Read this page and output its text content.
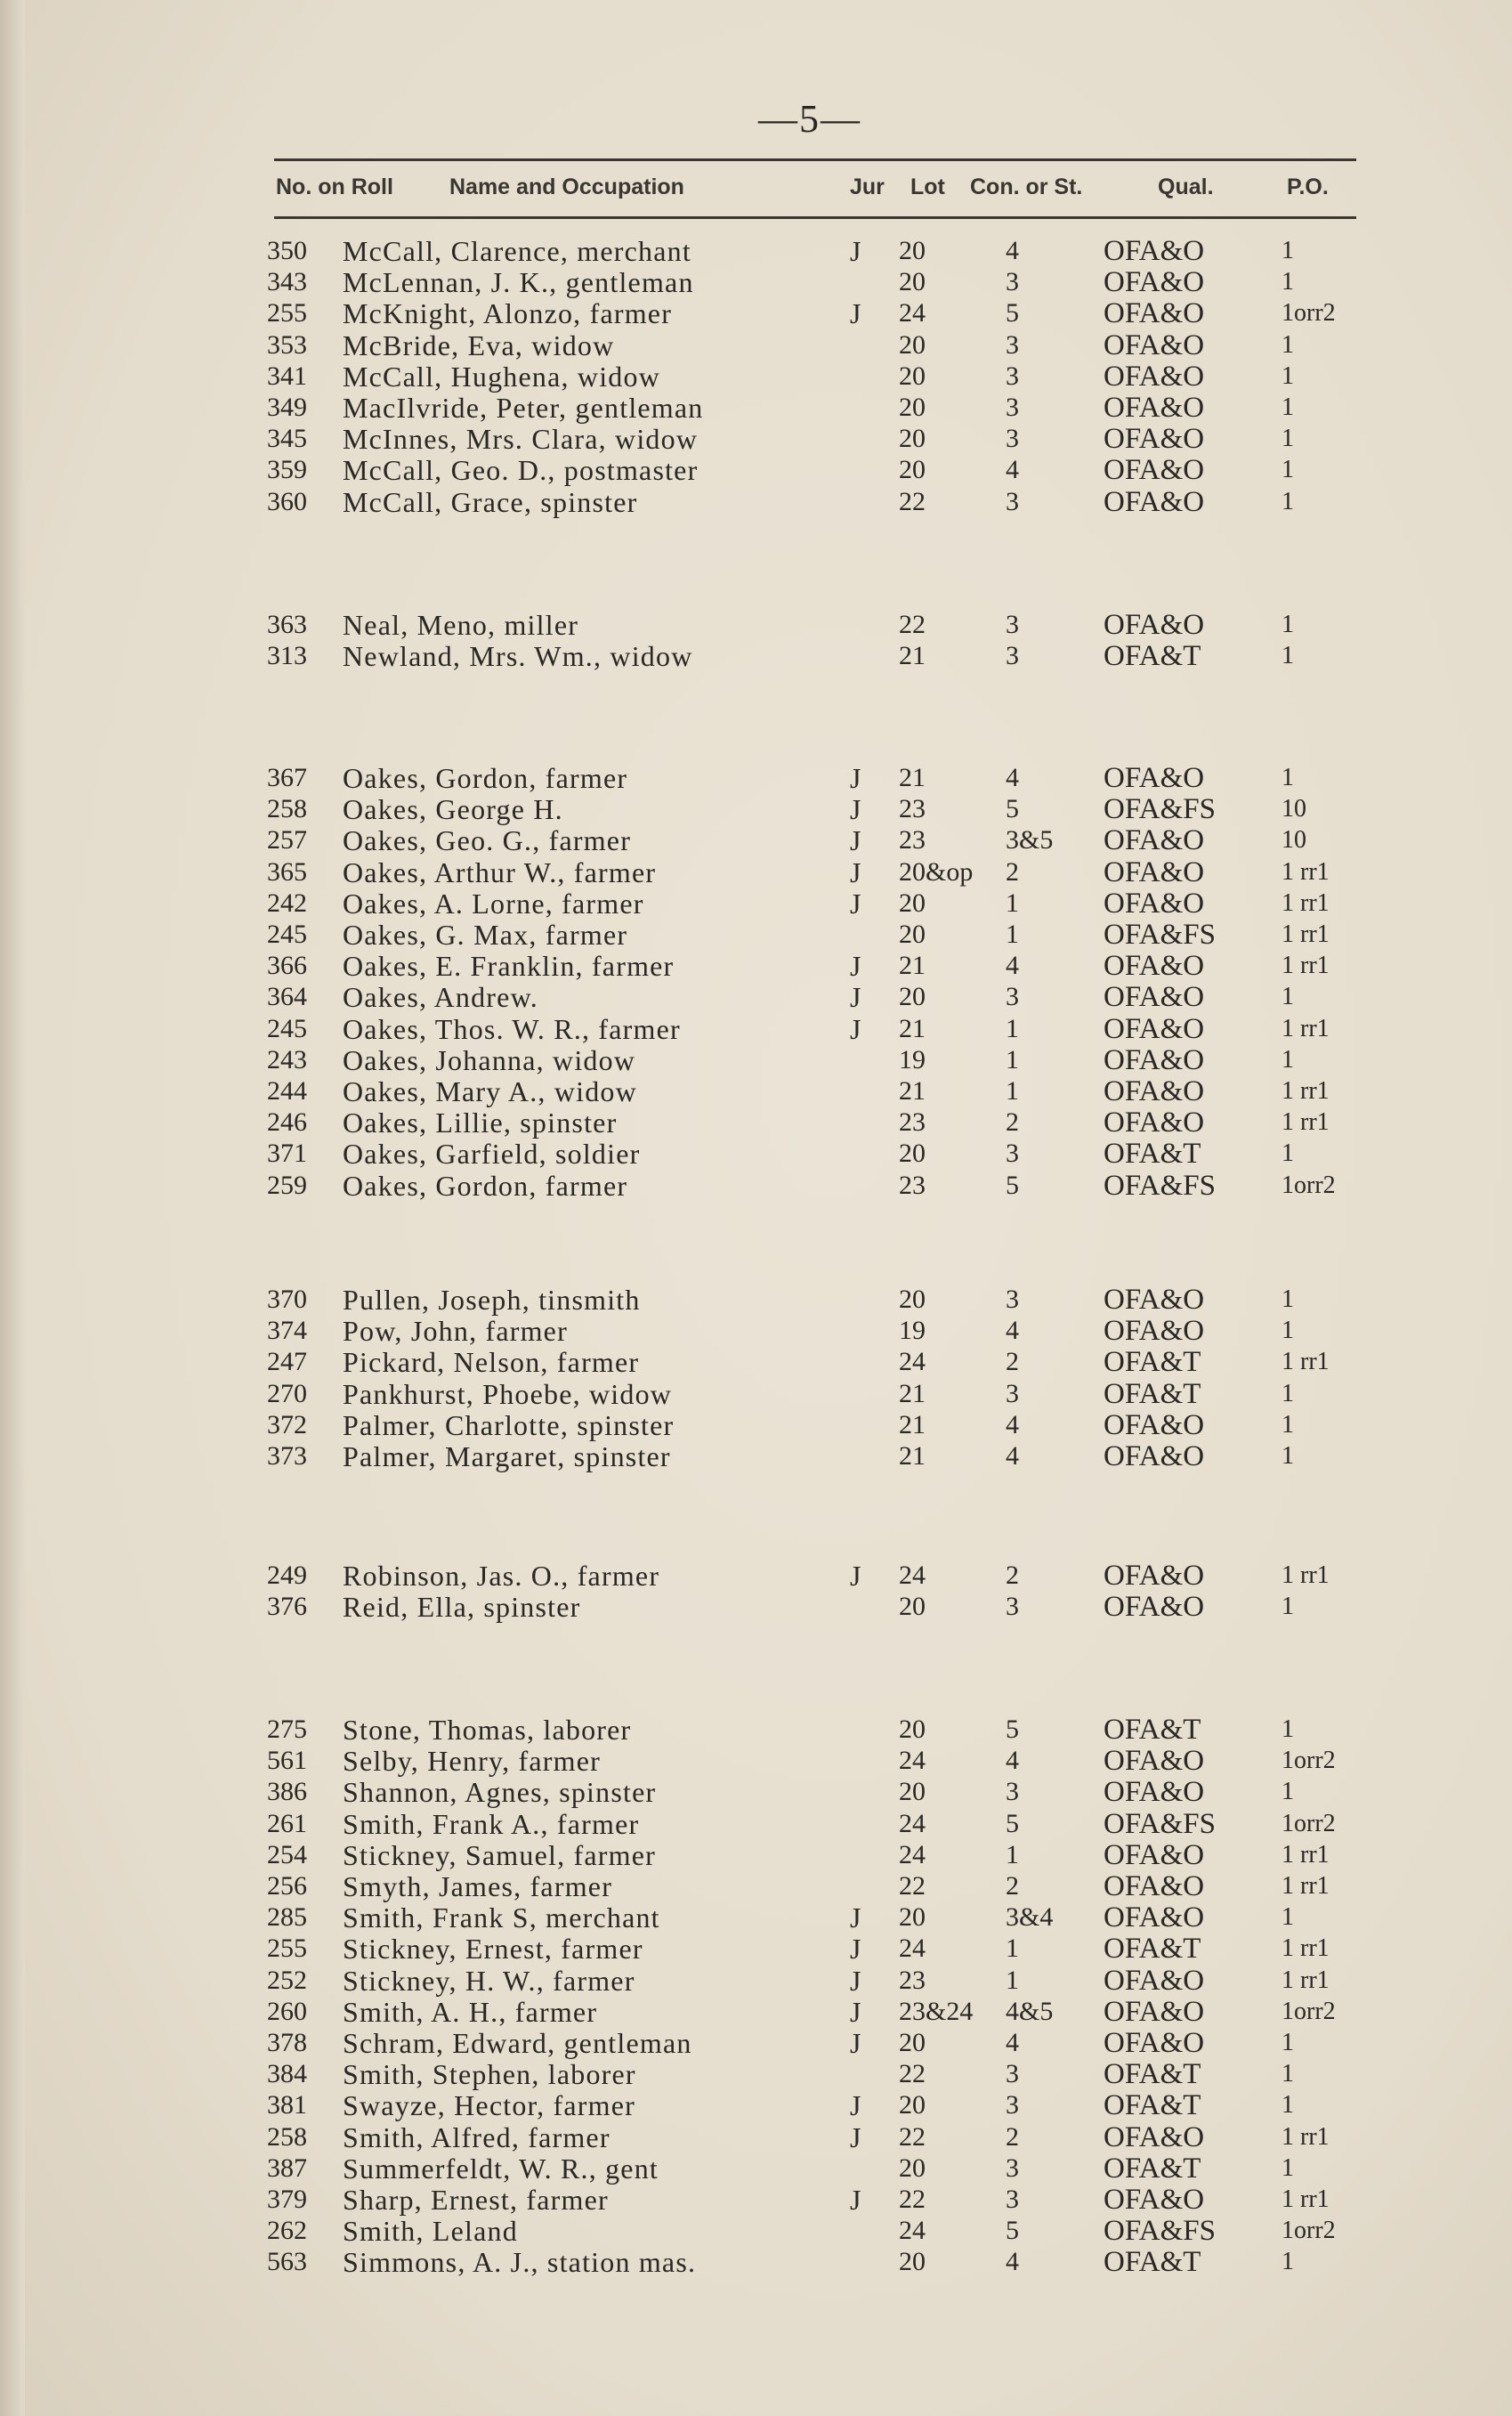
—5—
No. on Roll	Name and Occupation	Jur Lot Con. or St.	Qual.	P.O.
350 McCall, Clarence, merchant	J 20	4	OFA&O	1
343 McLennan, J. K., gentleman	20	3	OFA&O	1
255 McKnight, Alonzo, farmer	J 24	5	OFA&O	1orr2
353 McBride, Eva, widow	20	3	OFA&O	1
341 McCall, Hughena, widow	20	3	OFA&O	1
349 MacIlvride, Peter, gentleman	20	3	OFA&O	1
345 McInnes, Mrs. Clara, widow	20	3	OFA&O	1
359 McCall, Geo. D., postmaster	20	4	OFA&O	1
360 McCall, Grace, spinster	22	3	OFA&O	1
363 Neal, Meno, miller	22	3	OFA&O	1
313 Newland, Mrs. Wm., widow	21	3	OFA&T	1
367 Oakes, Gordon, farmer	J 21	4	OFA&O	1
258 Oakes, George H.	J 23	5	OFA&FS	10
257 Oakes, Geo. G., farmer	J 23	3&5 OFA&O	10
365 Oakes, Arthur W., farmer	J 20&op 2	OFA&O	1 rr1
242 Oakes, A. Lorne, farmer	J 20	1	OFA&O	1 rr1
245 Oakes, G. Max, farmer	20	1	OFA&FS	1 rr1
366 Oakes, E. Franklin, farmer	J 21	4	OFA&O	1 rr1
364 Oakes, Andrew.	J 20	3	OFA&O	1
245 Oakes, Thos. W. R., farmer	J 21	1	OFA&O	1 rr1
243 Oakes, Johanna, widow	19	1	OFA&O	1
244 Oakes, Mary A., widow	21	1	OFA&O	1 rr1
246 Oakes, Lillie, spinster	23	2	OFA&O	1 rr1
371 Oakes, Garfield, soldier	20	3	OFA&T	1
259 Oakes, Gordon, farmer	23	5	OFA&FS	1orr2
370 Pullen, Joseph, tinsmith	20	3	OFA&O	1
374 Pow, John, farmer	19	4	OFA&O	1
247 Pickard, Nelson, farmer	24	2	OFA&T	1 rr1
270 Pankhurst, Phoebe, widow	21	3	OFA&T	1
372 Palmer, Charlotte, spinster	21	4	OFA&O	1
373 Palmer, Margaret, spinster	21	4	OFA&O	1
249 Robinson, Jas. O., farmer	J 24	2	OFA&O	1 rr1
376 Reid, Ella, spinster	20	3	OFA&O	1
275 Stone, Thomas, laborer	20	5	OFA&T	1
561 Selby, Henry, farmer	24	4	OFA&O	1orr2
386 Shannon, Agnes, spinster	20	3	OFA&O	1
261 Smith, Frank A., farmer	24	5	OFA&FS	1orr2
254 Stickney, Samuel, farmer	24	1	OFA&O	1 rr1
256 Smyth, James, farmer	22	2	OFA&O	1 rr1
285 Smith, Frank S, merchant	J 20	3&4 OFA&O	1
255 Stickney, Ernest, farmer	J 24	1	OFA&T	1 rr1
252 Stickney, H. W., farmer	J 23	1	OFA&O	1 rr1
260 Smith, A. H., farmer	J 23&24 4&5 OFA&O	1orr2
378 Schram, Edward, gentleman	J 20	4	OFA&O	1
384 Smith, Stephen, laborer	22	3	OFA&T	1
381 Swayze, Hector, farmer	J 20	3	OFA&T	1
258 Smith, Alfred, farmer	J 22	2	OFA&O	1 rr1
387 Summerfeldt, W. R., gent	20	3	OFA&T	1
379 Sharp, Ernest, farmer	J 22	3	OFA&O	1 rr1
262 Smith, Leland	24	5	OFA&FS	1orr2
563 Simmons, A. J., station mas.	20	4	OFA&T	1
